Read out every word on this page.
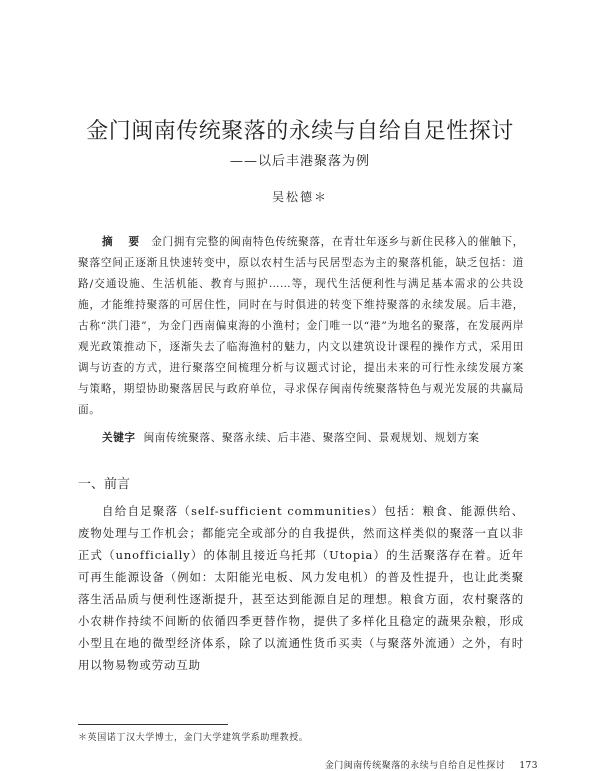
金门闽南传统聚落的永续与自给自足性探讨
——以后丰港聚落为例
吴松德＊
摘 要 金门拥有完整的闽南特色传统聚落，在青壮年逐乡与新住民移入的催触下，聚落空间正逐渐且快速转变中，原以农村生活与民居型态为主的聚落机能，缺乏包括：道路/交通设施、生活机能、教育与照护……等，现代生活便利性与满足基本需求的公共设施，才能维持聚落的可居住性，同时在与时俱进的转变下维持聚落的永续发展。后丰港，古称“洪门港”，为金门西南偏東海的小渔村；金门唯一以“港”为地名的聚落，在发展两岸观光政策推动下，逐渐失去了临海渔村的魅力，内文以建筑设计课程的操作方式，采用田调与访查的方式，进行聚落空间梳理分析与议题式讨论，提出未来的可行性永续发展方案与策略，期望协助聚落居民与政府单位，寻求保存闽南传统聚落特色与观光发展的共赢局面。
关键字 闽南传统聚落、聚落永续、后丰港、聚落空间、景观规划、规划方案
一、前言
自给自足聚落（self-sufficient communities）包括：粮食、能源供给、废物处理与工作机会；都能完全或部分的自我提供，然而这样类似的聚落一直以非正式（unofficially）的体制且接近乌托邦（Utopia）的生活聚落存在着。近年可再生能源设备（例如：太阳能光电板、风力发电机）的普及性提升，也让此类聚落生活品质与便利性逐渐提升，甚至达到能源自足的理想。粮食方面，农村聚落的小农耕作持续不间断的依循四季更替作物，提供了多样化且稳定的蔬果杂粮，形成小型且在地的微型经济体系，除了以流通性货币买卖（与聚落外流通）之外，有时用以物易物或劳动互助
＊英国诺丁汉大学博士，金门大学建筑学系助理教授。
金门闽南传统聚落的永续与自给自足性探讨 173
